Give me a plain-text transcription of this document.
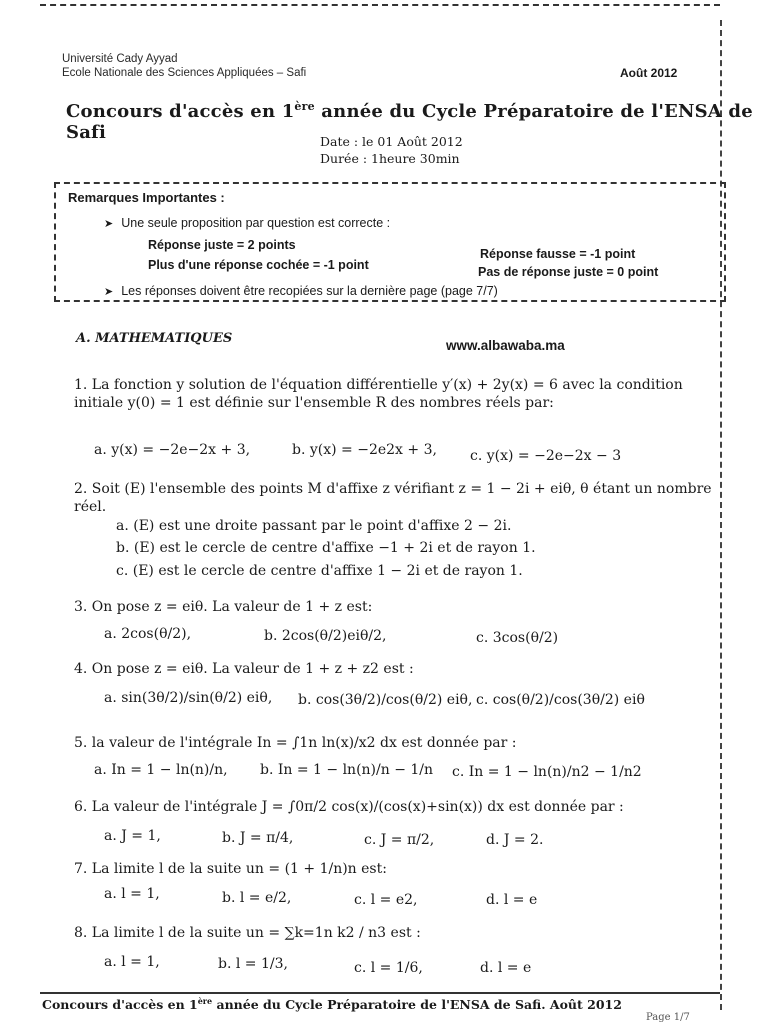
Université Cady Ayyad
Ecole Nationale des Sciences Appliquées – Safi	Août 2012
Concours d'accès en 1ère année du Cycle Préparatoire de l'ENSA de Safi	Date : le 01 Août 2012
Durée : 1heure 30min
Remarques Importantes :
➤ Une seule proposition par question est correcte :
Réponse juste = 2 points
Plus d'une réponse cochée = -1 point
Réponse fausse = -1 point
Pas de réponse juste = 0 point
➤ Les réponses doivent être recopiées sur la dernière page (page 7/7)
A. MATHEMATIQUES	www.albawaba.ma
1. La fonction y solution de l'équation différentielle y′(x) + 2y(x) = 6 avec la condition initiale y(0) = 1 est définie sur l'ensemble R des nombres réels par:
a. y(x) = −2e−2x + 3,	b. y(x) = −2e2x + 3, c. y(x) = −2e−2x − 3
2. Soit (E) l'ensemble des points M d'affixe z vérifiant z = 1 − 2i + eiθ, θ étant un nombre réel.
a. (E) est une droite passant par le point d'affixe 2 − 2i.
b. (E) est le cercle de centre d'affixe −1 + 2i et de rayon 1.
c. (E) est le cercle de centre d'affixe 1 − 2i et de rayon 1.
3. On pose z = eiθ. La valeur de 1 + z est:
a. 2cos(θ/2),	b. 2cos(θ/2)eiθ/2,	c. 3cos(θ/2)
4. On pose z = eiθ. La valeur de 1 + z + z2 est :
a. sin(3θ/2)/sin(θ/2) eiθ, b. cos(3θ/2)/cos(θ/2) eiθ, c. cos(θ/2)/cos(3θ/2) eiθ
5. la valeur de l'intégrale In = ∫1n ln(x)/x2 dx est donnée par :
a. In = 1 − ln(n)/n, b. In = 1 − ln(n)/n − 1/n c. In = 1 − ln(n)/n2 − 1/n2
6. La valeur de l'intégrale J = ∫0π/2 cos(x)/(cos(x)+sin(x)) dx est donnée par :
a. J = 1,	b. J = π/4,	c. J = π/2,	d. J = 2.
7. La limite l de la suite un = (1 + 1/n)n est:
a. l = 1,	b. l = e/2,	c. l = e2,	d. l = e
8. La limite l de la suite un = ∑k=1n k2 / n3 est :
a. l = 1,	b. l = 1/3,	c. l = 1/6,	d. l = e
Concours d'accès en 1ère année du Cycle Préparatoire de l'ENSA de Safi. Août 2012
Page 1/7
